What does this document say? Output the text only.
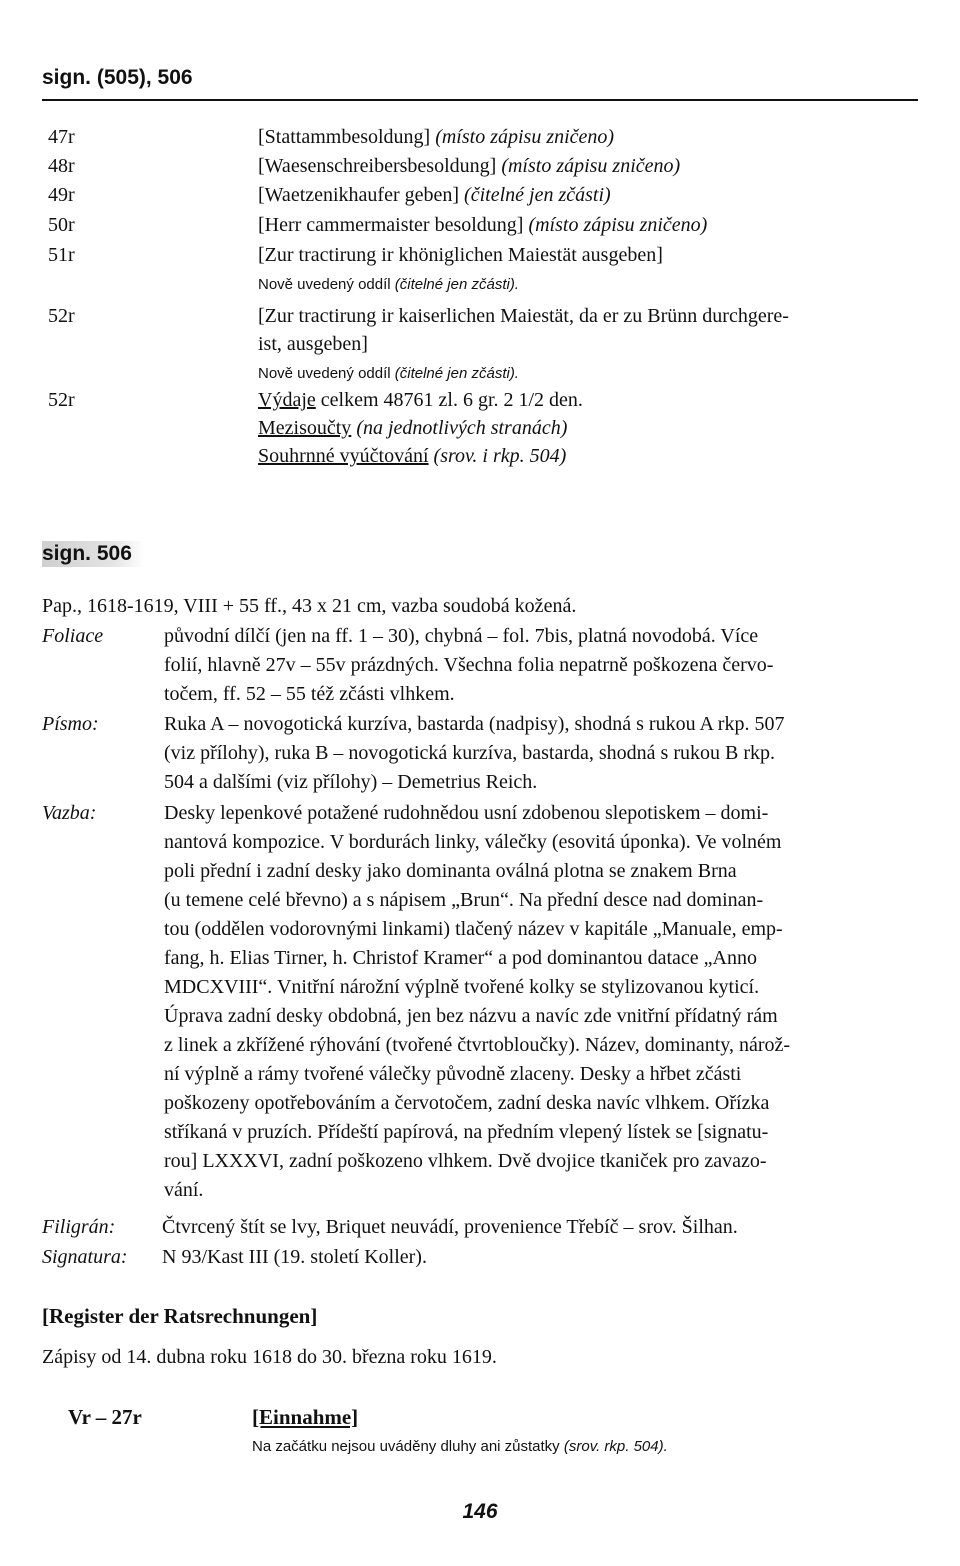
sign. (505), 506
47r	[Stattammbesoldung] (místo zápisu zničeno)
48r	[Waesenschreibersbesoldung] (místo zápisu zničeno)
49r	[Waetzenikhaufer geben] (čitelné jen zčásti)
50r	[Herr cammermaister besoldung] (místo zápisu zničeno)
51r	[Zur tractirung ir khöniglichen Maiestät ausgeben]
Nově uvedený oddíl (čitelné jen zčásti).
52r	[Zur tractirung ir kaiserlichen Maiestät, da er zu Brünn durchgere-
ist, ausgeben]
Nově uvedený oddíl (čitelné jen zčásti).
52r	Výdaje celkem 48761 zl. 6 gr. 2 1/2 den.
Mezisoučty (na jednotlivých stranách)
Souhrnné vyúčtování (srov. i rkp. 504)
sign. 506
Pap., 1618-1619, VIII + 55 ff., 43 x 21 cm, vazba soudobá kožená.
Foliace	původní dílčí (jen na ff. 1 – 30), chybná – fol. 7bis, platná novodobá. Více
folií, hlavně 27v – 55v prázdných. Všechna folia nepatrně poškozena červo-
točem, ff. 52 – 55 též zčásti vlhkem.
Písmo:	Ruka A – novogotická kurzíva, bastarda (nadpisy), shodná s rukou A rkp. 507
(viz přílohy), ruka B – novogotická kurzíva, bastarda, shodná s rukou B rkp.
504 a dalšími (viz přílohy) – Demetrius Reich.
Vazba:	Desky lepenkové potažené rudohnědou usní zdobenou slepotiskem – domi-
nantová kompozice. V bordurách linky, válečky (esovitá úponka). Ve volném
poli přední i zadní desky jako dominanta oválná plotna se znakem Brna
(u temene celé břevno) a s nápisem „Brun“. Na přední desce nad dominan-
tou (oddělen vodorovnými linkami) tlačený název v kapitále „Manuale, emp-
fang, h. Elias Tirner, h. Christof Kramer“ a pod dominantou datace „Anno
MDCXVIII“. Vnitřní nárožní výplně tvořené kolky se stylizovanou kyticí.
Úprava zadní desky obdobná, jen bez názvu a navíc zde vnitřní přídatný rám
z linek a zkřížené rýhování (tvořené čtvrtobloučky). Název, dominanty, nárož-
ní výplně a rámy tvořené válečky původně zlaceny. Desky a hřbet zčásti
poškozeny opotřebováním a červotočem, zadní deska navíc vlhkem. Ořízka
stříkaná v pruzích. Přídeští papírová, na předním vlepený lístek se [signatu-
rou] LXXXVI, zadní poškozeno vlhkem. Dvě dvojice tkaniček pro zavazo-
vání.
Filigrán: Čtvrcený štít se lvy, Briquet neuvádí, provenience Třebíč – srov. Šilhan.
Signatura: N 93/Kast III (19. století Koller).
[Register der Ratsrechnungen]
Zápisy od 14. dubna roku 1618 do 30. března roku 1619.
Vr – 27r	[Einnahme]
Na začátku nejsou uváděny dluhy ani zůstatky (srov. rkp. 504).
146
